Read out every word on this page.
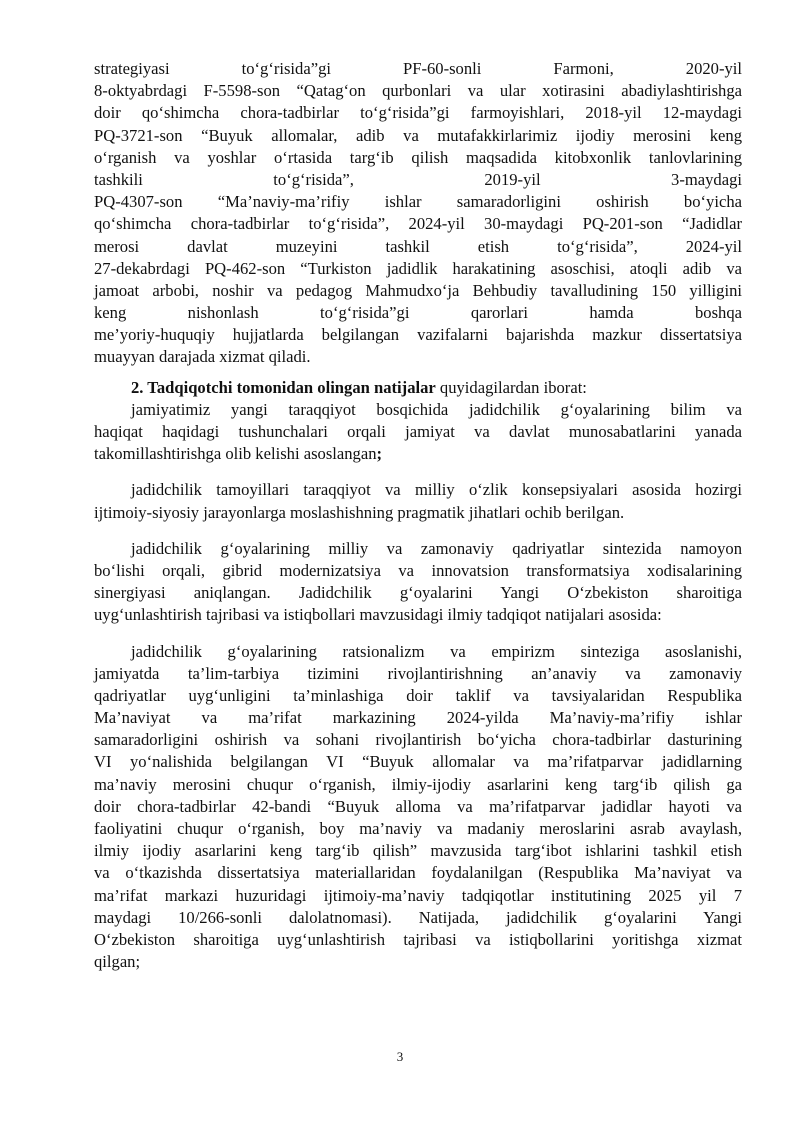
strategiyasi to‘g‘risida”gi PF-60-sonli Farmoni, 2020-yil
8-oktyabrdagi F-5598-son “Qatag‘on qurbonlari va ular xotirasini abadiylashtirishga
doir qo‘shimcha chora-tadbirlar to‘g‘risida”gi farmoyishlari, 2018-yil 12-maydagi
PQ-3721-son “Buyuk allomalar, adib va mutafakkirlarimiz ijodiy merosini keng
o‘rganish va yoshlar o‘rtasida targ‘ib qilish maqsadida kitobxonlik tanlovlarining
tashkili to‘g‘risida”, 2019-yil 3-maydagi
PQ-4307-son “Ma’naviy-ma’rifiy ishlar samaradorligini oshirish bo‘yicha
qo‘shimcha chora-tadbirlar to‘g‘risida”, 2024-yil 30-maydagi PQ-201-son “Jadidlar
merosi davlat muzeyini tashkil etish to‘g‘risida”, 2024-yil
27-dekabrdagi PQ-462-son “Turkiston jadidlik harakatining asoschisi, atoqli adib va
jamoat arbobi, noshir va pedagog Mahmudxo‘ja Behbudiy tavalludining 150 yilligini
keng nishonlash to‘g‘risida”gi qarorlari hamda boshqa
me’yoriy-huquqiy hujjatlarda belgilangan vazifalarni bajarishda mazkur dissertatsiya
muayyan darajada xizmat qiladi.
2. Tadqiqotchi tomonidan olingan natijalar quyidagilardan iborat:
jamiyatimiz yangi taraqqiyot bosqichida jadidchilik g‘oyalarining bilim va
haqiqat haqidagi tushunchalari orqali jamiyat va davlat munosabatlarini yanada
takomillashtirishga olib kelishi asoslangan;
jadidchilik tamoyillari taraqqiyot va milliy o‘zlik konsepsiyalari asosida hozirgi
ijtimoiy-siyosiy jarayonlarga moslashishning pragmatik jihatlari ochib berilgan.
jadidchilik g‘oyalarining milliy va zamonaviy qadriyatlar sintezida namoyon
bo‘lishi orqali, gibrid modernizatsiya va innovatsion transformatsiya xodisalarining
sinergiyasi aniqlangan. Jadidchilik g‘oyalarini Yangi O‘zbekiston sharoitiga
uyg‘unlashtirish tajribasi va istiqbollari mavzusidagi ilmiy tadqiqot natijalari asosida:
jadidchilik g‘oyalarining ratsionalizm va empirizm sinteziga asoslanishi,
jamiyatda ta’lim-tarbiya tizimini rivojlantirishning an’anaviy va zamonaviy
qadriyatlar uyg‘unligini ta’minlashiga doir taklif va tavsiyalaridan Respublika
Ma’naviyat va ma’rifat markazining 2024-yilda Ma’naviy-ma’rifiy ishlar
samaradorligini oshirish va sohani rivojlantirish bo‘yicha chora-tadbirlar dasturining
VI yo‘nalishida belgilangan VI “Buyuk allomalar va ma’rifatparvar jadidlarning
ma’naviy merosini chuqur o‘rganish, ilmiy-ijodiy asarlarini keng targ‘ib qilish ga
doir chora-tadbirlar 42-bandi “Buyuk alloma va ma’rifatparvar jadidlar hayoti va
faoliyatini chuqur o‘rganish, boy ma’naviy va madaniy meroslarini asrab avaylash,
ilmiy ijodiy asarlarini keng targ‘ib qilish” mavzusida targ‘ibot ishlarini tashkil etish
va o‘tkazishda dissertatsiya materiallaridan foydalanilgan (Respublika Ma’naviyat va
ma’rifat markazi huzuridagi ijtimoiy-ma’naviy tadqiqotlar institutining 2025 yil 7
maydagi 10/266-sonli dalolatnomasi). Natijada, jadidchilik g‘oyalarini Yangi
O‘zbekiston sharoitiga uyg‘unlashtirish tajribasi va istiqbollarini yoritishga xizmat
qilgan;
3
